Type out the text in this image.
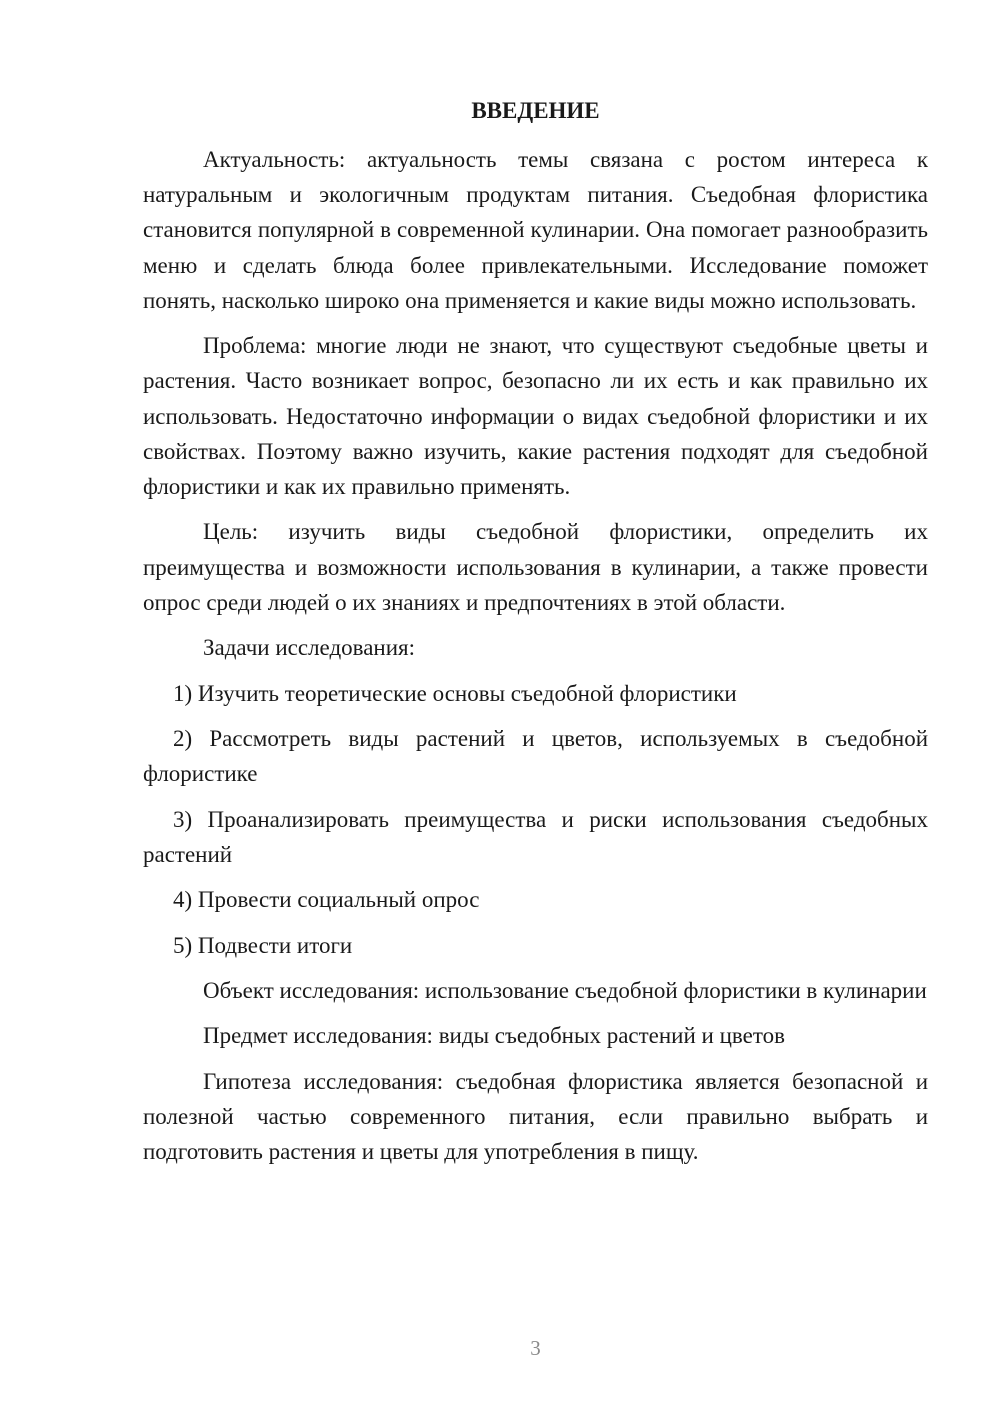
ВВЕДЕНИЕ

Актуальность: актуальность темы связана с ростом интереса к натуральным и экологичным продуктам питания. Съедобная флористика становится популярной в современной кулинарии. Она помогает разнообразить меню и сделать блюда более привлекательными. Исследование поможет понять, насколько широко она применяется и какие виды можно использовать.

Проблема: многие люди не знают, что существуют съедобные цветы и растения. Часто возникает вопрос, безопасно ли их есть и как правильно их использовать. Недостаточно информации о видах съедобной флористики и их свойствах. Поэтому важно изучить, какие растения подходят для съедобной флористики и как их правильно применять.

Цель: изучить виды съедобной флористики, определить их преимущества и возможности использования в кулинарии, а также провести опрос среди людей о их знаниях и предпочтениях в этой области.

Задачи исследования:

1) Изучить теоретические основы съедобной флористики

2) Рассмотреть виды растений и цветов, используемых в съедобной флористике

3) Проанализировать преимущества и риски использования съедобных растений

4) Провести социальный опрос

5) Подвести итоги

Объект исследования: использование съедобной флористики в кулинарии

Предмет исследования: виды съедобных растений и цветов

Гипотеза исследования: съедобная флористика является безопасной и полезной частью современного питания, если правильно выбрать и подготовить растения и цветы для употребления в пищу.

3
